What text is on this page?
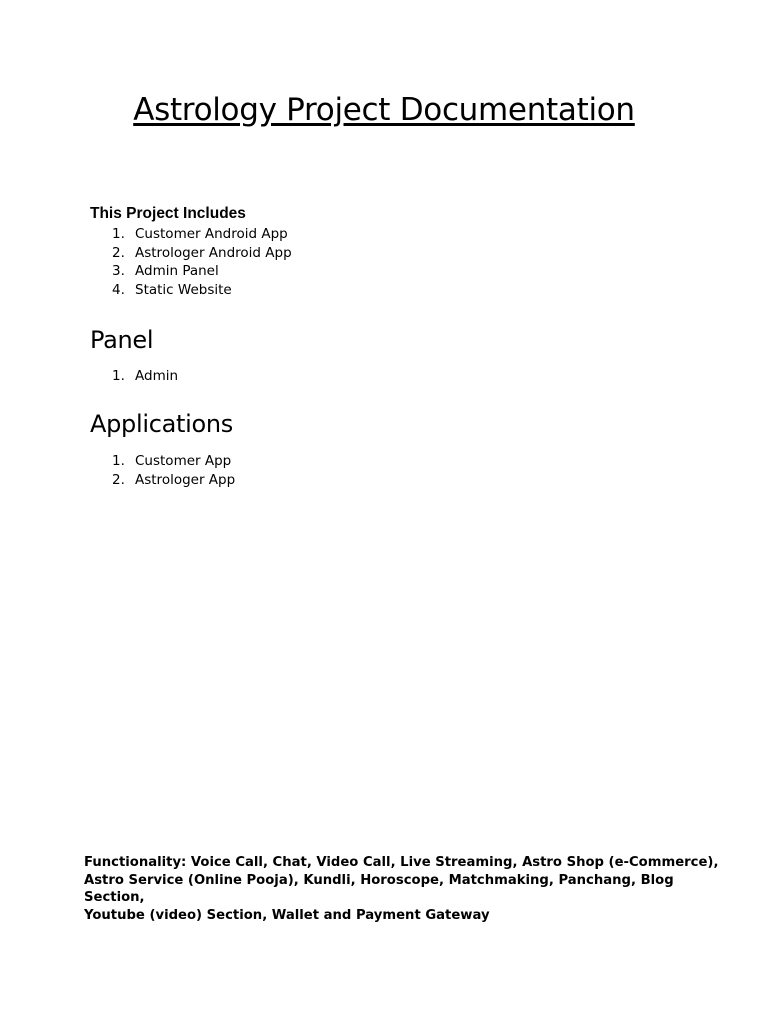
Astrology Project Documentation
This Project Includes
1. Customer Android App
2. Astrologer Android App
3. Admin Panel
4. Static Website
Panel
1. Admin
Applications
1. Customer App
2. Astrologer App
Functionality: Voice Call, Chat, Video Call, Live Streaming, Astro Shop (e-Commerce),
Astro Service (Online Pooja), Kundli, Horoscope, Matchmaking, Panchang, Blog Section,
Youtube (video) Section, Wallet and Payment Gateway
